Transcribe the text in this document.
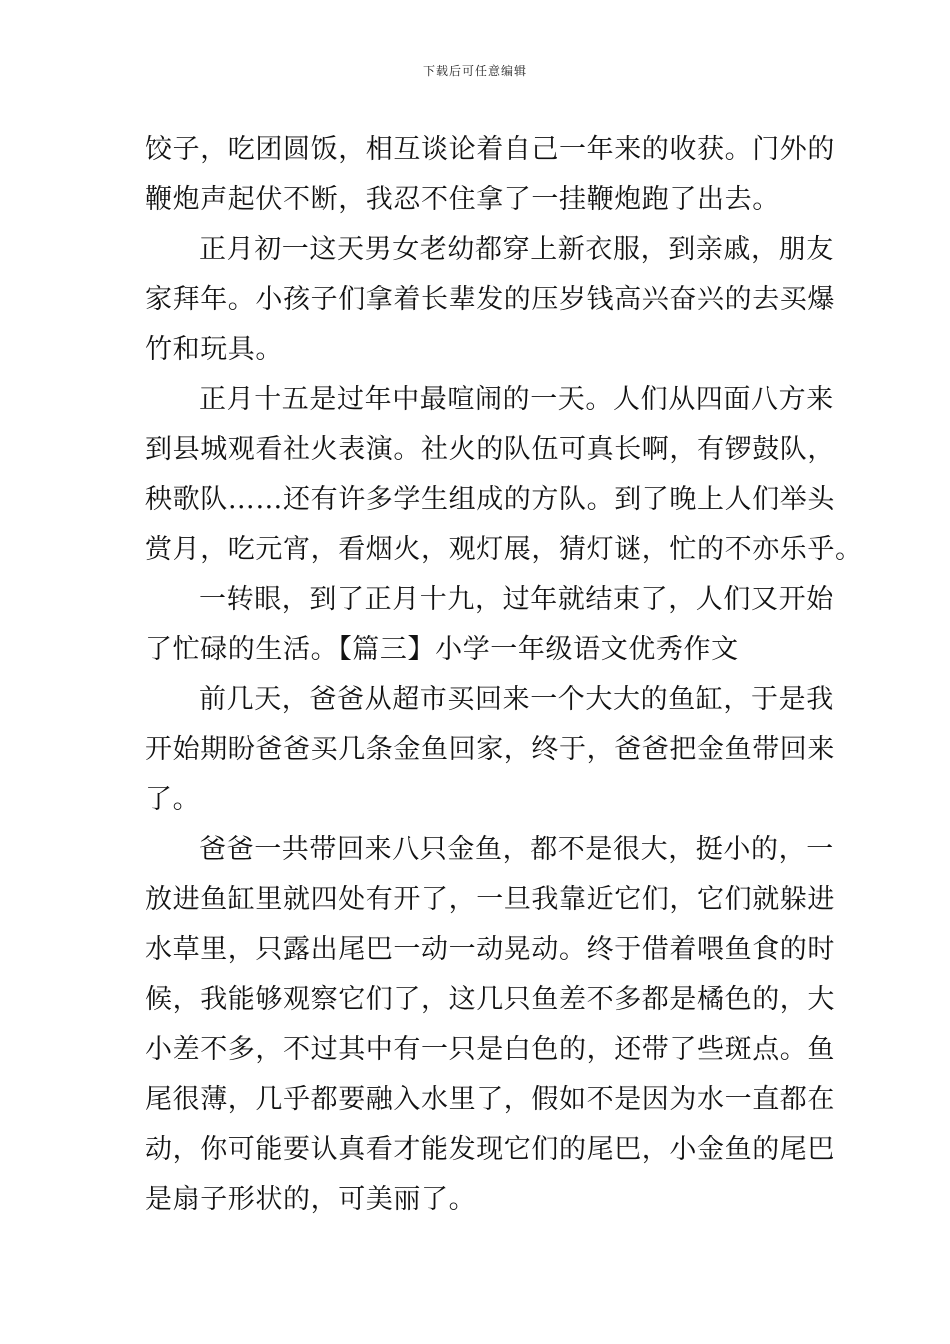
下载后可任意编辑
饺子，吃团圆饭，相互谈论着自己一年来的收获。门外的
鞭炮声起伏不断，我忍不住拿了一挂鞭炮跑了出去。
正月初一这天男女老幼都穿上新衣服，到亲戚，朋友
家拜年。小孩子们拿着长辈发的压岁钱高兴奋兴的去买爆
竹和玩具。
正月十五是过年中最喧闹的一天。人们从四面八方来
到县城观看社火表演。社火的队伍可真长啊，有锣鼓队，
秧歌队……还有许多学生组成的方队。到了晚上人们举头
赏月，吃元宵，看烟火，观灯展，猜灯谜，忙的不亦乐乎。
一转眼，到了正月十九，过年就结束了，人们又开始
了忙碌的生活。【篇三】小学一年级语文优秀作文
前几天，爸爸从超市买回来一个大大的鱼缸，于是我
开始期盼爸爸买几条金鱼回家，终于，爸爸把金鱼带回来
了。
爸爸一共带回来八只金鱼，都不是很大，挺小的，一
放进鱼缸里就四处有开了，一旦我靠近它们，它们就躲进
水草里，只露出尾巴一动一动晃动。终于借着喂鱼食的时
候，我能够观察它们了，这几只鱼差不多都是橘色的，大
小差不多，不过其中有一只是白色的，还带了些斑点。鱼
尾很薄，几乎都要融入水里了，假如不是因为水一直都在
动，你可能要认真看才能发现它们的尾巴，小金鱼的尾巴
是扇子形状的，可美丽了。
